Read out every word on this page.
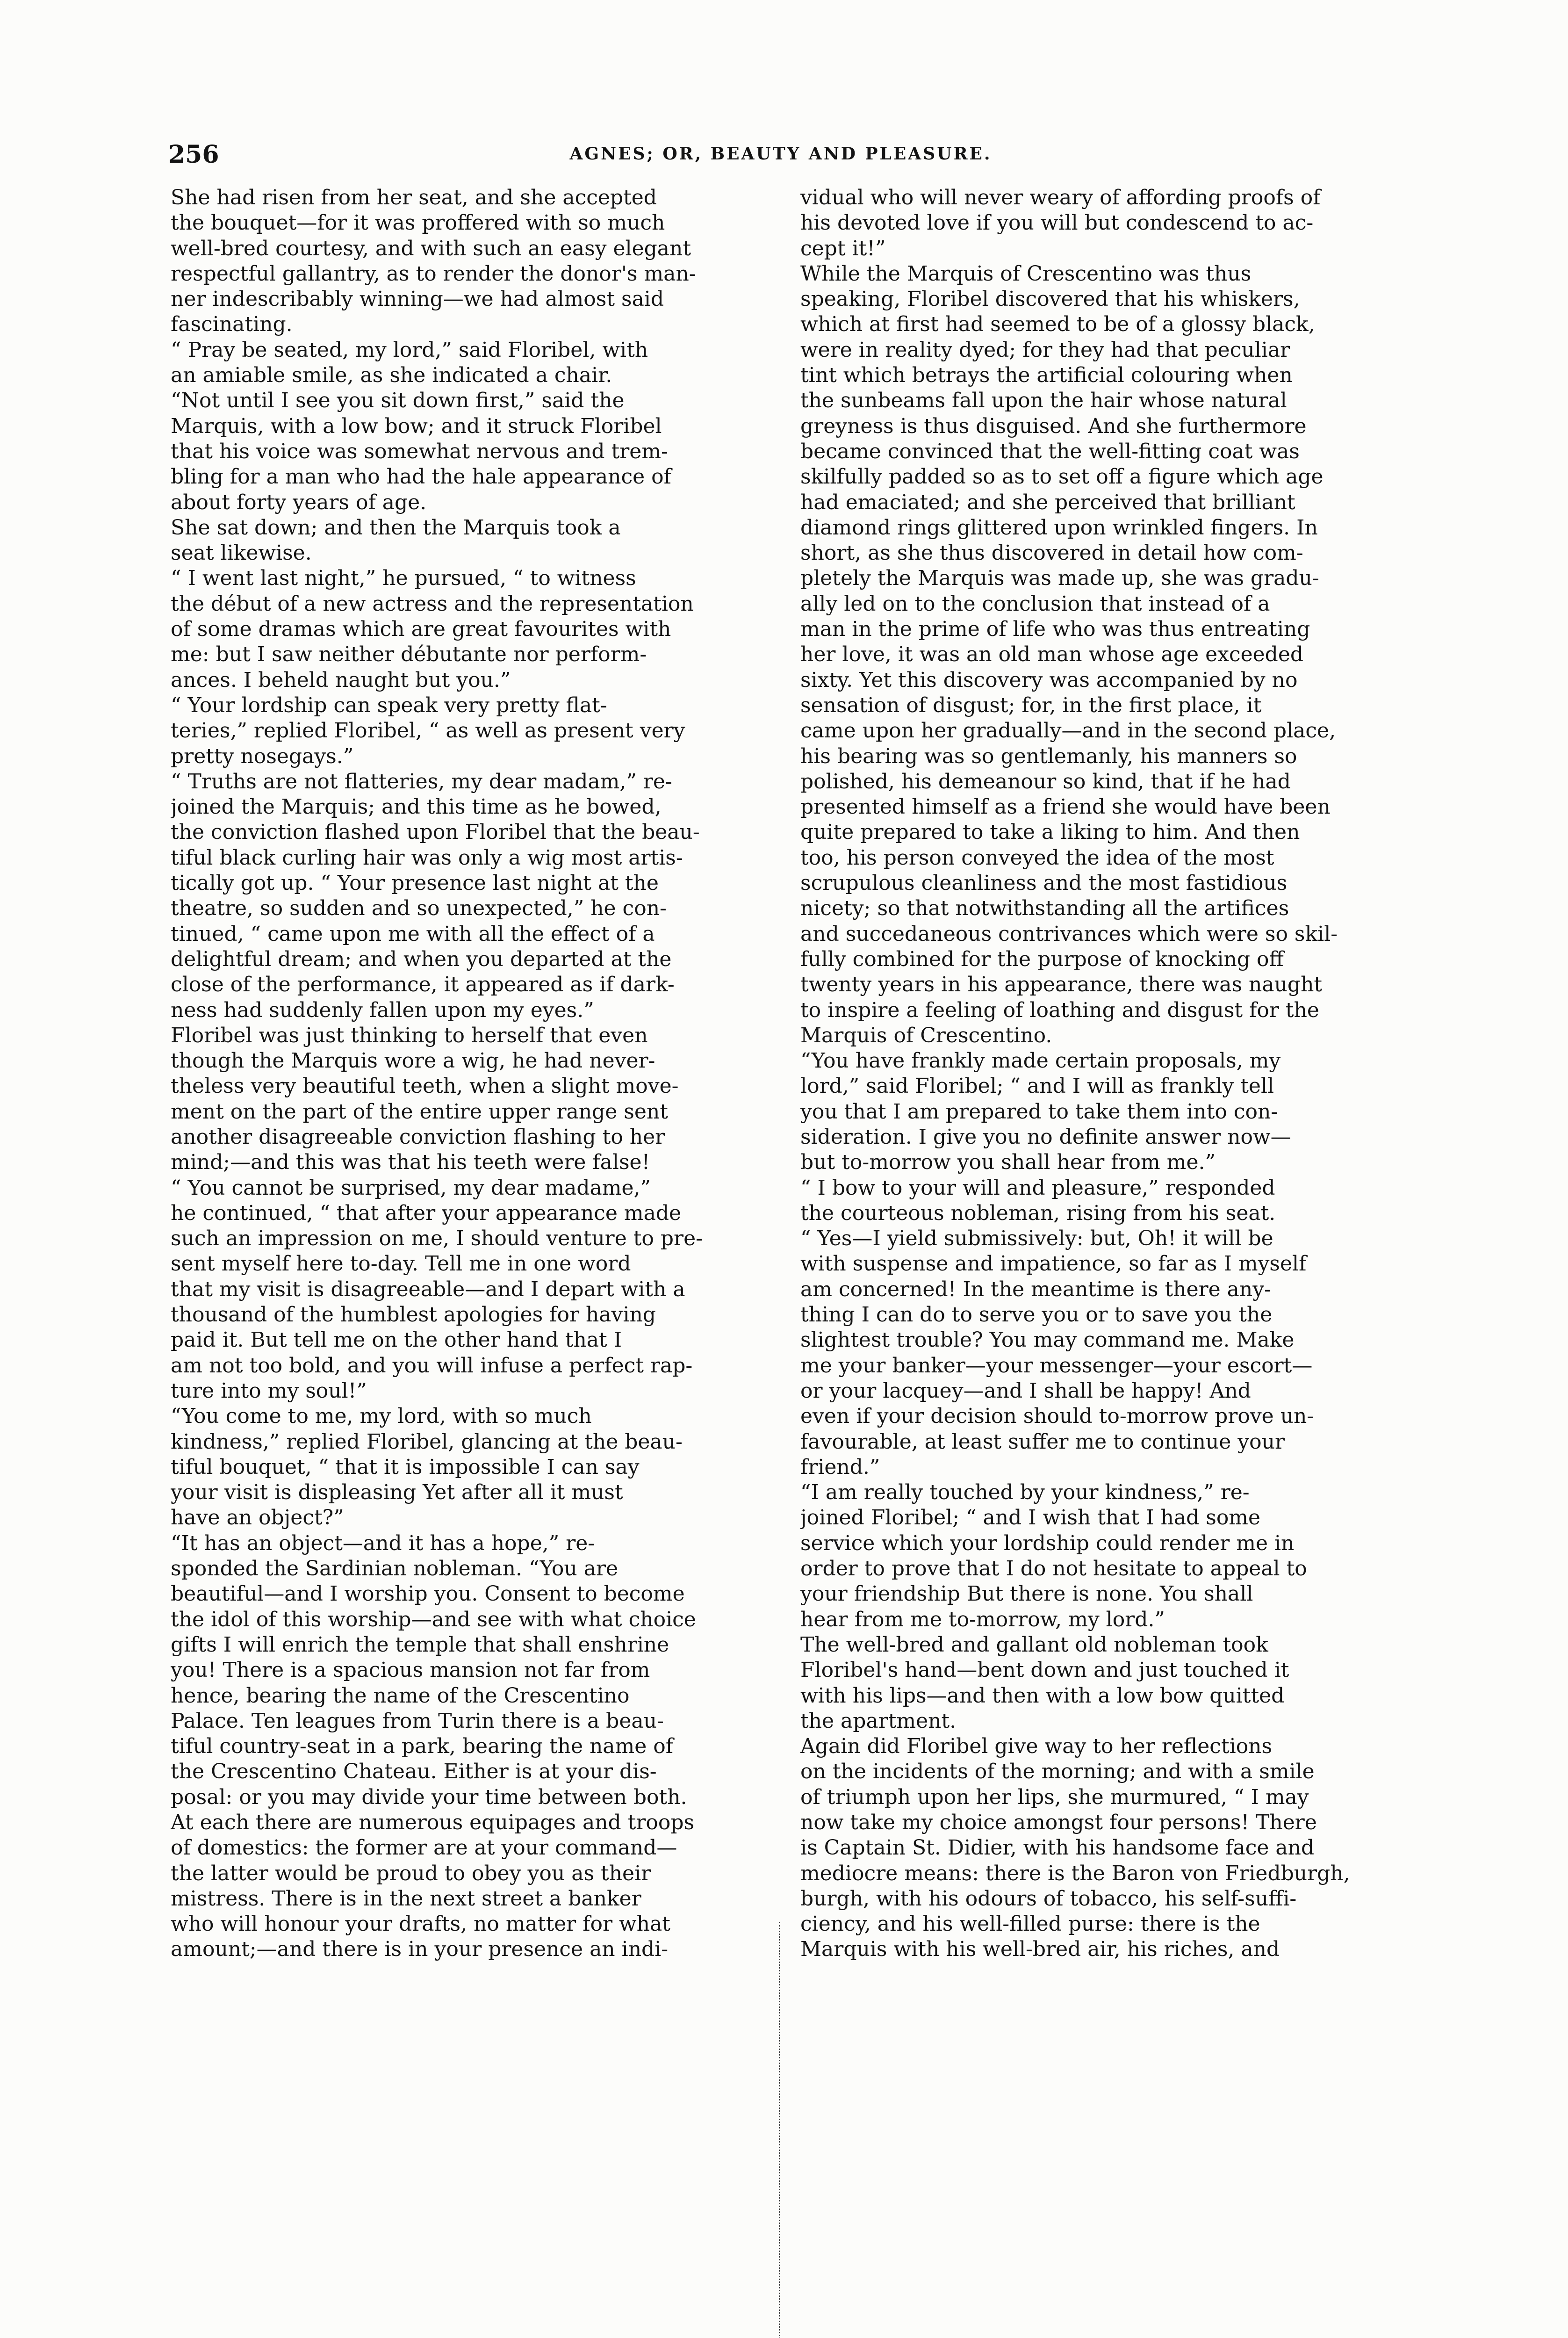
256	AGNES; OR, BEAUTY AND PLEASURE.
She had risen from her seat, and she accepted
the bouquet—for it was proffered with so much
well-bred courtesy, and with such an easy elegant
respectful gallantry, as to render the donor's man-
ner indescribably winning—we had almost said
fascinating.
“ Pray be seated, my lord,” said Floribel, with
an amiable smile, as she indicated a chair.
“Not until I see you sit down first,” said the
Marquis, with a low bow; and it struck Floribel
that his voice was somewhat nervous and trem-
bling for a man who had the hale appearance of
about forty years of age.
She sat down; and then the Marquis took a
seat likewise.
“ I went last night,” he pursued, “ to witness
the début of a new actress and the representation
of some dramas which are great favourites with
me: but I saw neither débutante nor perform-
ances. I beheld naught but you.”
“ Your lordship can speak very pretty flat-
teries,” replied Floribel, “ as well as present very
pretty nosegays.”
“ Truths are not flatteries, my dear madam,” re-
joined the Marquis; and this time as he bowed,
the conviction flashed upon Floribel that the beau-
tiful black curling hair was only a wig most artis-
tically got up. “ Your presence last night at the
theatre, so sudden and so unexpected,” he con-
tinued, “ came upon me with all the effect of a
delightful dream; and when you departed at the
close of the performance, it appeared as if dark-
ness had suddenly fallen upon my eyes.”
Floribel was just thinking to herself that even
though the Marquis wore a wig, he had never-
theless very beautiful teeth, when a slight move-
ment on the part of the entire upper range sent
another disagreeable conviction flashing to her
mind;—and this was that his teeth were false!
“ You cannot be surprised, my dear madame,”
he continued, “ that after your appearance made
such an impression on me, I should venture to pre-
sent myself here to-day. Tell me in one word
that my visit is disagreeable—and I depart with a
thousand of the humblest apologies for having
paid it. But tell me on the other hand that I
am not too bold, and you will infuse a perfect rap-
ture into my soul!”
“You come to me, my lord, with so much
kindness,” replied Floribel, glancing at the beau-
tiful bouquet, “ that it is impossible I can say
your visit is displeasing Yet after all it must
have an object?”
“It has an object—and it has a hope,” re-
sponded the Sardinian nobleman. “You are
beautiful—and I worship you. Consent to become
the idol of this worship—and see with what choice
gifts I will enrich the temple that shall enshrine
you! There is a spacious mansion not far from
hence, bearing the name of the Crescentino
Palace. Ten leagues from Turin there is a beau-
tiful country-seat in a park, bearing the name of
the Crescentino Chateau. Either is at your dis-
posal: or you may divide your time between both.
At each there are numerous equipages and troops
of domestics: the former are at your command—
the latter would be proud to obey you as their
mistress. There is in the next street a banker
who will honour your drafts, no matter for what
amount;—and there is in your presence an indi-
vidual who will never weary of affording proofs of
his devoted love if you will but condescend to ac-
cept it!”
While the Marquis of Crescentino was thus
speaking, Floribel discovered that his whiskers,
which at first had seemed to be of a glossy black,
were in reality dyed; for they had that peculiar
tint which betrays the artificial colouring when
the sunbeams fall upon the hair whose natural
greyness is thus disguised. And she furthermore
became convinced that the well-fitting coat was
skilfully padded so as to set off a figure which age
had emaciated; and she perceived that brilliant
diamond rings glittered upon wrinkled fingers. In
short, as she thus discovered in detail how com-
pletely the Marquis was made up, she was gradu-
ally led on to the conclusion that instead of a
man in the prime of life who was thus entreating
her love, it was an old man whose age exceeded
sixty. Yet this discovery was accompanied by no
sensation of disgust; for, in the first place, it
came upon her gradually—and in the second place,
his bearing was so gentlemanly, his manners so
polished, his demeanour so kind, that if he had
presented himself as a friend she would have been
quite prepared to take a liking to him. And then
too, his person conveyed the idea of the most
scrupulous cleanliness and the most fastidious
nicety; so that notwithstanding all the artifices
and succedaneous contrivances which were so skil-
fully combined for the purpose of knocking off
twenty years in his appearance, there was naught
to inspire a feeling of loathing and disgust for the
Marquis of Crescentino.
“You have frankly made certain proposals, my
lord,” said Floribel; “ and I will as frankly tell
you that I am prepared to take them into con-
sideration. I give you no definite answer now—
but to-morrow you shall hear from me.”
“ I bow to your will and pleasure,” responded
the courteous nobleman, rising from his seat.
“ Yes—I yield submissively: but, Oh! it will be
with suspense and impatience, so far as I myself
am concerned! In the meantime is there any-
thing I can do to serve you or to save you the
slightest trouble? You may command me. Make
me your banker—your messenger—your escort—
or your lacquey—and I shall be happy! And
even if your decision should to-morrow prove un-
favourable, at least suffer me to continue your
friend.”
“I am really touched by your kindness,” re-
joined Floribel; “ and I wish that I had some
service which your lordship could render me in
order to prove that I do not hesitate to appeal to
your friendship But there is none. You shall
hear from me to-morrow, my lord.”
The well-bred and gallant old nobleman took
Floribel's hand—bent down and just touched it
with his lips—and then with a low bow quitted
the apartment.
Again did Floribel give way to her reflections
on the incidents of the morning; and with a smile
of triumph upon her lips, she murmured, “ I may
now take my choice amongst four persons! There
is Captain St. Didier, with his handsome face and
mediocre means: there is the Baron von Friedburgh,
burgh, with his odours of tobacco, his self-suffi-
ciency, and his well-filled purse: there is the
Marquis with his well-bred air, his riches, and
